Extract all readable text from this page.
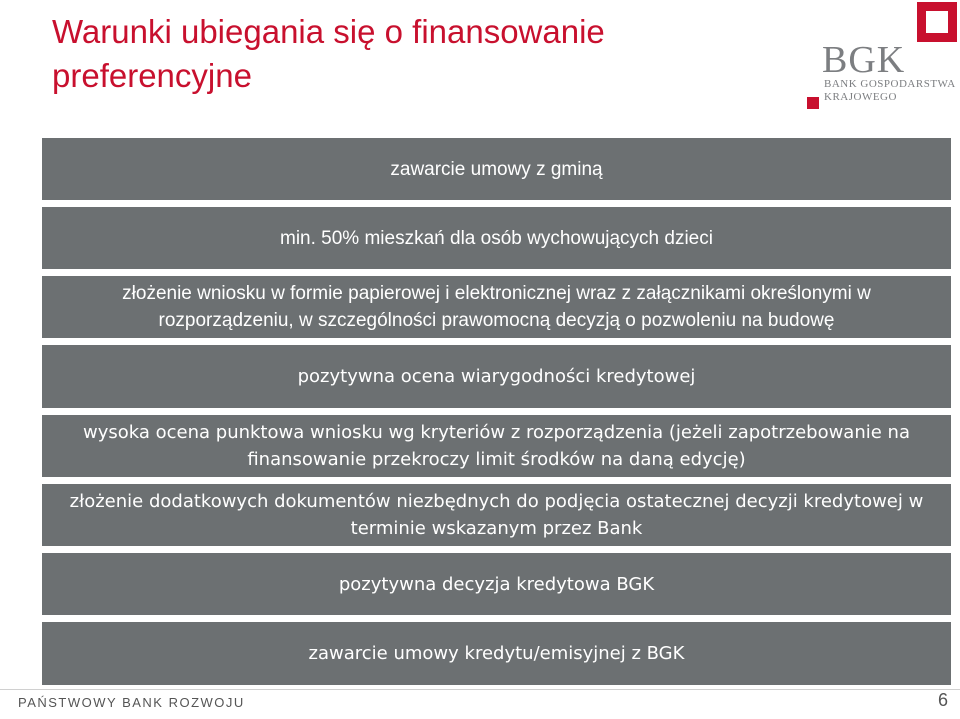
Warunki ubiegania się o finansowanie preferencyjne	BGK
BANK GOSPODARSTWA KRAJOWEGO
zawarcie umowy z gminą
min. 50% mieszkań dla osób wychowujących dzieci
złożenie wniosku w formie papierowej i elektronicznej wraz z załącznikami określonymi w rozporządzeniu, w szczególności prawomocną decyzją o pozwoleniu na budowę
pozytywna ocena wiarygodności kredytowej
wysoka ocena punktowa wniosku wg kryteriów z rozporządzenia (jeżeli zapotrzebowanie na finansowanie przekroczy limit środków na daną edycję)
złożenie dodatkowych dokumentów niezbędnych do podjęcia ostatecznej decyzji kredytowej w terminie wskazanym przez Bank
pozytywna decyzja kredytowa BGK
zawarcie umowy kredytu/emisyjnej z BGK
PAŃSTWOWY BANK ROZWOJU	6
